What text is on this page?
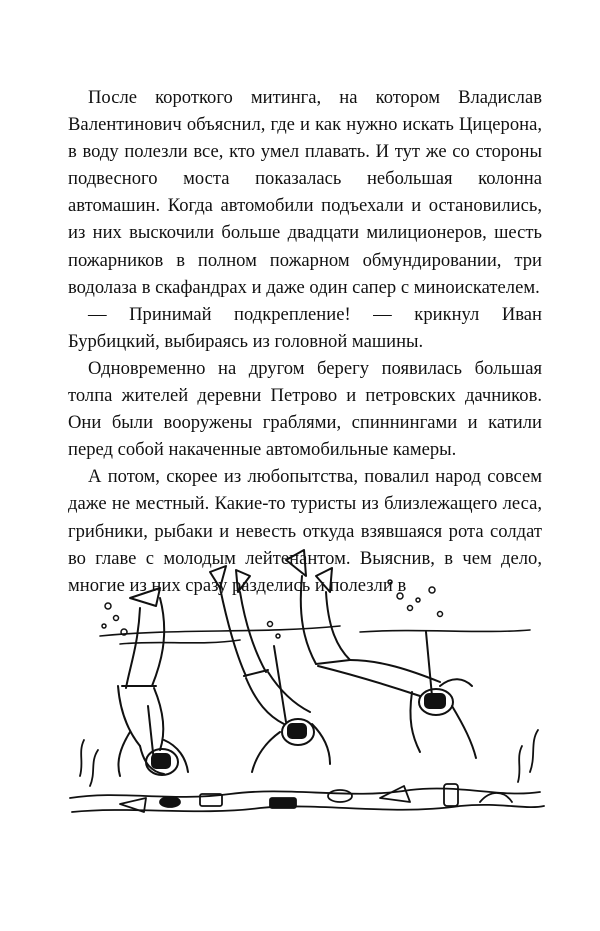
После короткого митинга, на котором Владислав Валентинович объяснил, где и как нужно искать Цицерона, в воду полезли все, кто умел плавать. И тут же со стороны подвесного моста показалась небольшая колонна автомашин. Когда автомобили подъехали и остановились, из них выскочили больше двадцати милиционеров, шесть пожарников в полном пожарном обмундировании, три водолаза в скафандрах и даже один сапер с миноискателем.

— Принимай подкрепление! — крикнул Иван Бурбицкий, выбираясь из головной машины.

Одновременно на другом берегу появилась большая толпа жителей деревни Петрово и петровских дачников. Они были вооружены граблями, спиннингами и катили перед собой накаченные автомобильные камеры.

А потом, скорее из любопытства, повалил народ совсем даже не местный. Какие-то туристы из близлежащего леса, грибники, рыбаки и невесть откуда взявшаяся рота солдат во главе с молодым лейтенантом. Выяснив, в чем дело, многие из них сразу разделись и полезли в
